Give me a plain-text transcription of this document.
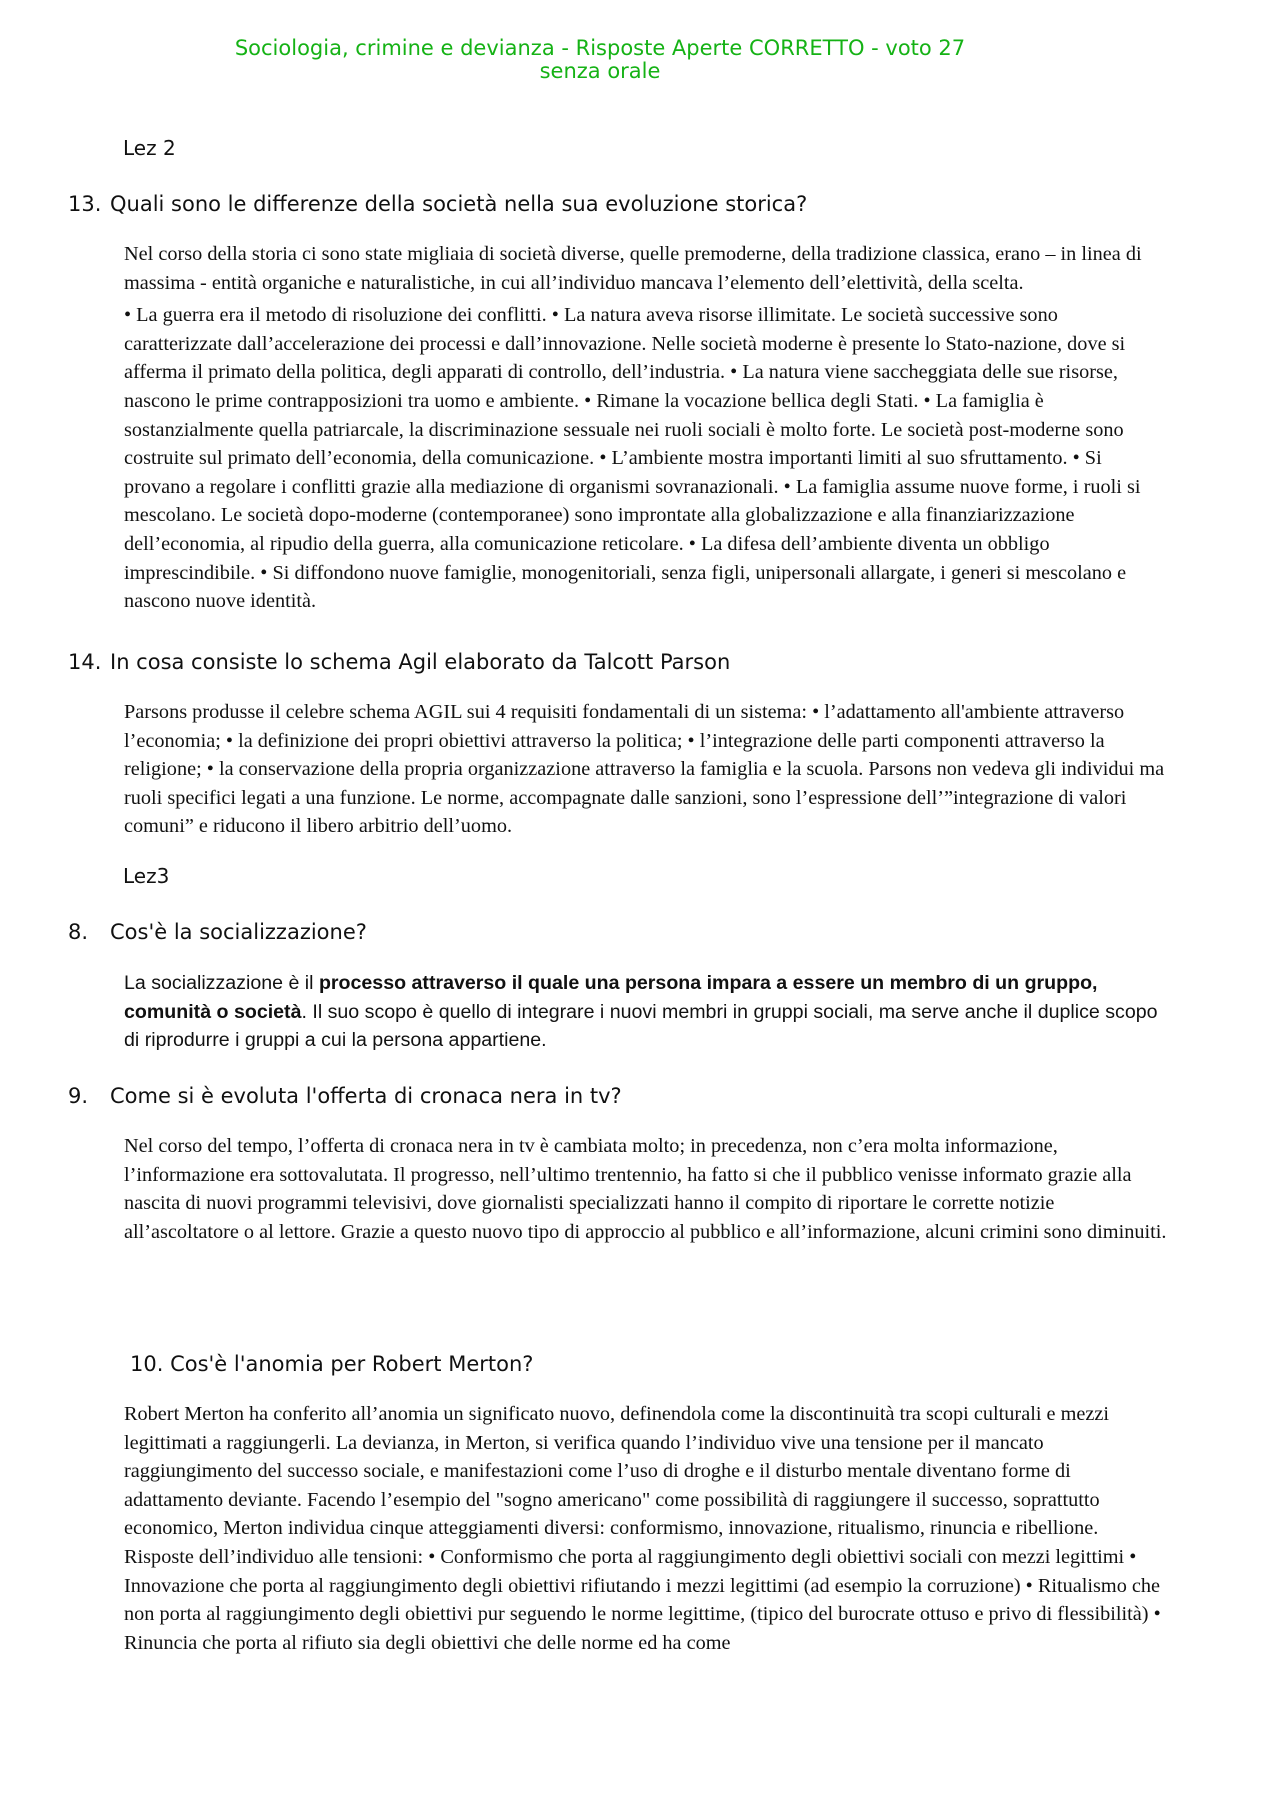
Sociologia, crimine e devianza - Risposte Aperte CORRETTO - voto 27
senza orale
Lez 2
13. Quali sono le differenze della società nella sua evoluzione storica?

Nel corso della storia ci sono state migliaia di società diverse, quelle premoderne, della tradizione classica, erano – in linea di massima - entità organiche e naturalistiche, in cui all’individuo mancava l’elemento dell’elettività, della scelta.

• La guerra era il metodo di risoluzione dei conflitti. • La natura aveva risorse illimitate. Le società successive sono caratterizzate dall’accelerazione dei processi e dall’innovazione. Nelle società moderne è presente lo Stato-nazione, dove si afferma il primato della politica, degli apparati di controllo, dell’industria. • La natura viene saccheggiata delle sue risorse, nascono le prime contrapposizioni tra uomo e ambiente. • Rimane la vocazione bellica degli Stati. • La famiglia è sostanzialmente quella patriarcale, la discriminazione sessuale nei ruoli sociali è molto forte. Le società post-moderne sono costruite sul primato dell’economia, della comunicazione. • L’ambiente mostra importanti limiti al suo sfruttamento. • Si provano a regolare i conflitti grazie alla mediazione di organismi sovranazionali. • La famiglia assume nuove forme, i ruoli si mescolano. Le società dopo-moderne (contemporanee) sono improntate alla globalizzazione e alla finanziarizzazione dell’economia, al ripudio della guerra, alla comunicazione reticolare. • La difesa dell’ambiente diventa un obbligo imprescindibile. • Si diffondono nuove famiglie, monogenitoriali, senza figli, unipersonali allargate, i generi si mescolano e nascono nuove identità.

14. In cosa consiste lo schema Agil elaborato da Talcott Parson

Parsons produsse il celebre schema AGIL sui 4 requisiti fondamentali di un sistema: • l’adattamento all'ambiente attraverso l’economia; • la definizione dei propri obiettivi attraverso la politica; • l’integrazione delle parti componenti attraverso la religione; • la conservazione della propria organizzazione attraverso la famiglia e la scuola. Parsons non vedeva gli individui ma ruoli specifici legati a una funzione. Le norme, accompagnate dalle sanzioni, sono l’espressione dell’”integrazione di valori comuni” e riducono il libero arbitrio dell’uomo.

Lez3
8. Cos'è la socializzazione?

La socializzazione è il processo attraverso il quale una persona impara a essere un membro di un gruppo, comunità o società. Il suo scopo è quello di integrare i nuovi membri in gruppi sociali, ma serve anche il duplice scopo di riprodurre i gruppi a cui la persona appartiene.

9. Come si è evoluta l'offerta di cronaca nera in tv?

Nel corso del tempo, l’offerta di cronaca nera in tv è cambiata molto; in precedenza, non c’era molta informazione, l’informazione era sottovalutata. Il progresso, nell’ultimo trentennio, ha fatto si che il pubblico venisse informato grazie alla nascita di nuovi programmi televisivi, dove giornalisti specializzati hanno il compito di riportare le corrette notizie all’ascoltatore o al lettore. Grazie a questo nuovo tipo di approccio al pubblico e all’informazione, alcuni crimini sono diminuiti.

10. Cos'è l'anomia per Robert Merton?

Robert Merton ha conferito all’anomia un significato nuovo, definendola come la discontinuità tra scopi culturali e mezzi legittimati a raggiungerli. La devianza, in Merton, si verifica quando l’individuo vive una tensione per il mancato raggiungimento del successo sociale, e manifestazioni come l’uso di droghe e il disturbo mentale diventano forme di adattamento deviante. Facendo l’esempio del "sogno americano" come possibilità di raggiungere il successo, soprattutto economico, Merton individua cinque atteggiamenti diversi: conformismo, innovazione, ritualismo, rinuncia e ribellione. Risposte dell’individuo alle tensioni: • Conformismo che porta al raggiungimento degli obiettivi sociali con mezzi legittimi • Innovazione che porta al raggiungimento degli obiettivi rifiutando i mezzi legittimi (ad esempio la corruzione) • Ritualismo che non porta al raggiungimento degli obiettivi pur seguendo le norme legittime, (tipico del burocrate ottuso e privo di flessibilità) • Rinuncia che porta al rifiuto sia degli obiettivi che delle norme ed ha come
